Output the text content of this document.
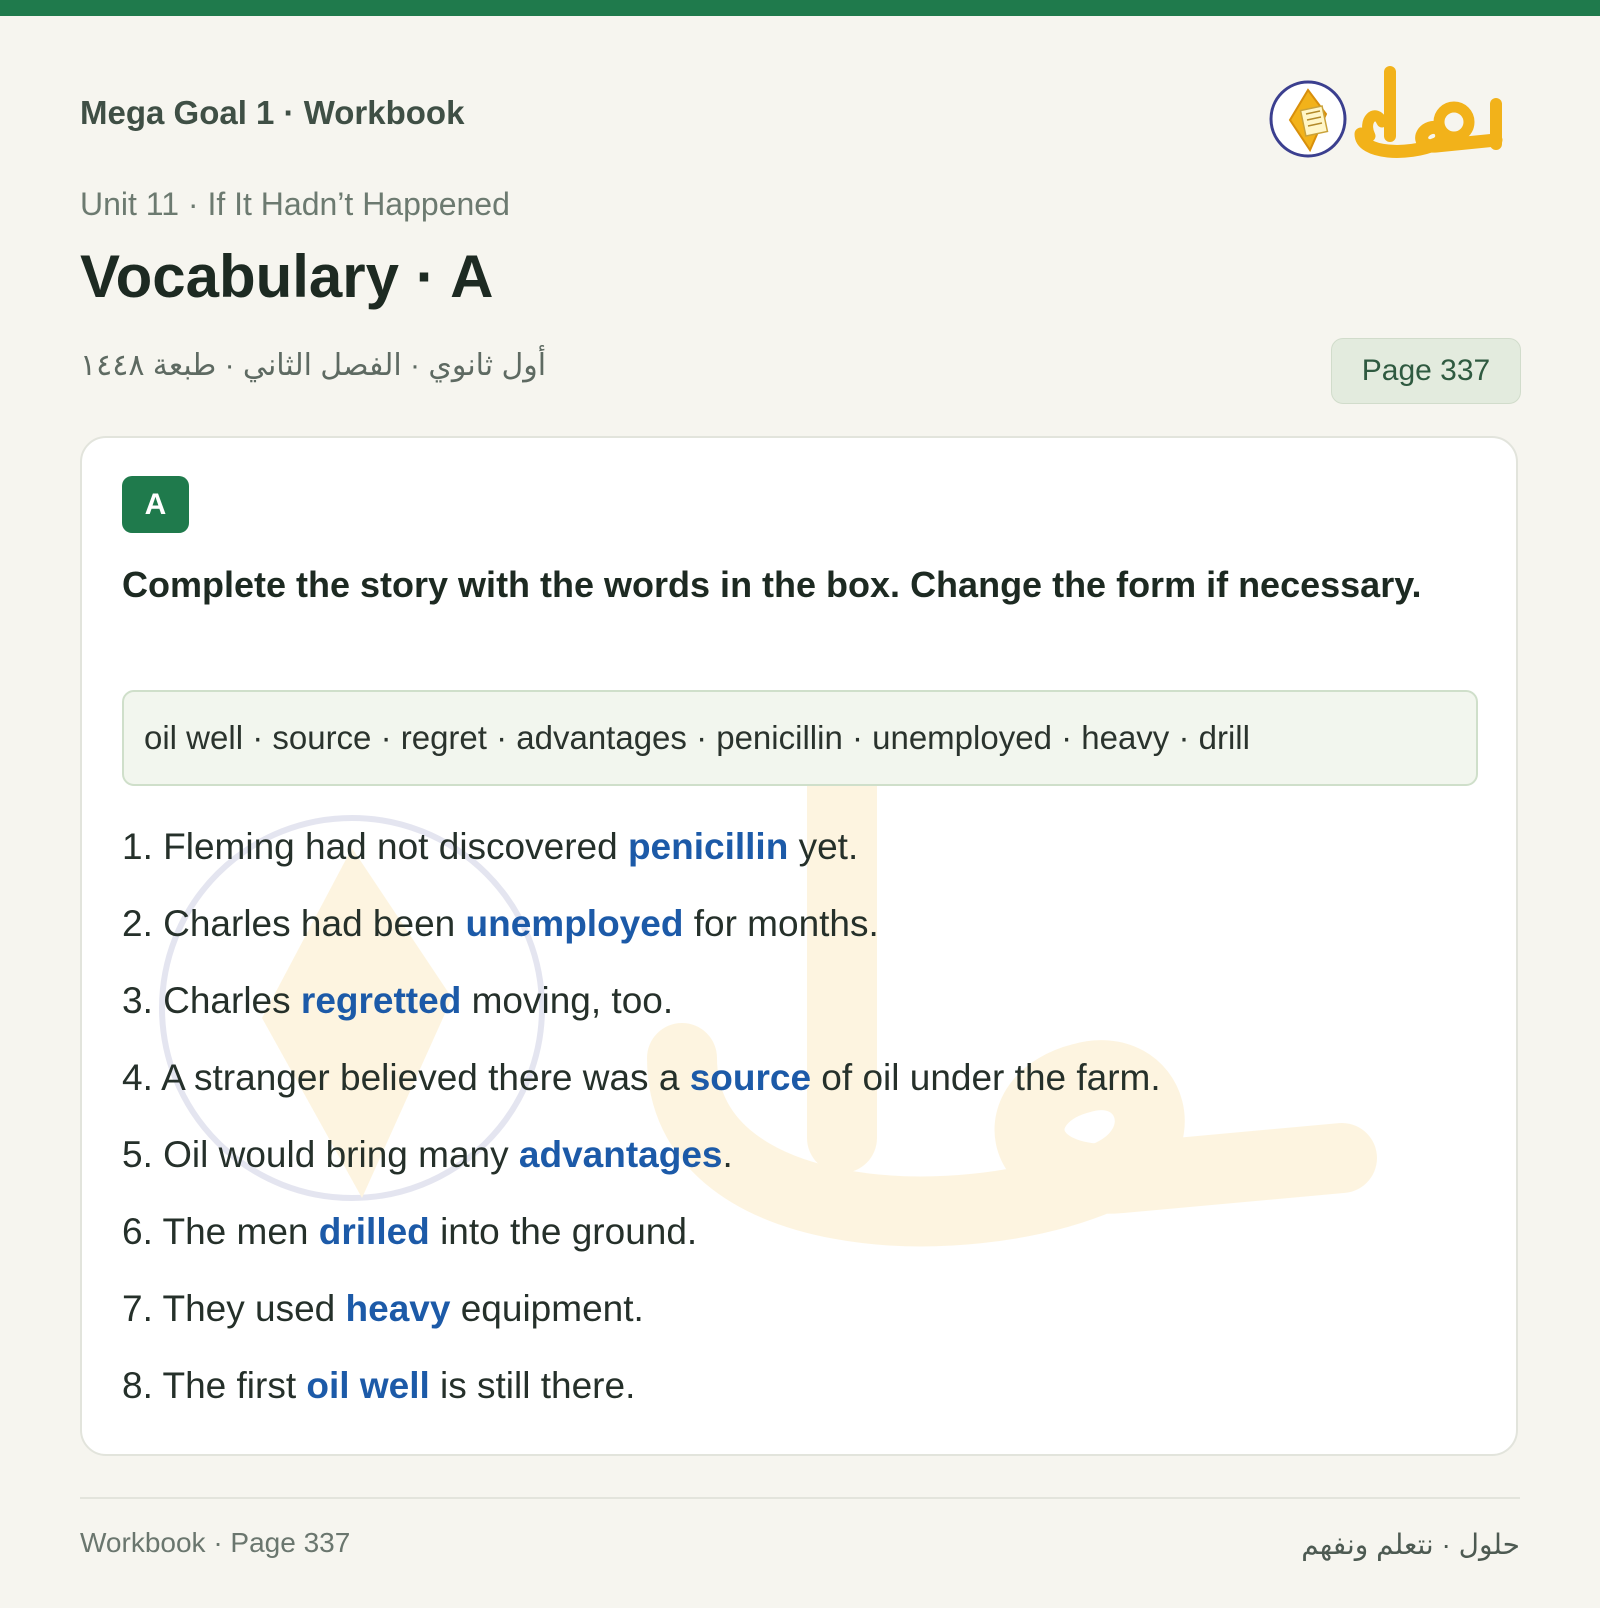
Mega Goal 1 · Workbook
Unit 11 · If It Hadn’t Happened
Vocabulary · A
أول ثانوي · الفصل الثاني · طبعة ١٤٤٨	Page 337
A
Complete the story with the words in the box. Change the form if necessary.
oil well · source · regret · advantages · penicillin · unemployed · heavy · drill
1. Fleming had not discovered penicillin yet.
2. Charles had been unemployed for months.
3. Charles regretted moving, too.
4. A stranger believed there was a source of oil under the farm.
5. Oil would bring many advantages.
6. The men drilled into the ground.
7. They used heavy equipment.
8. The first oil well is still there.
Workbook · Page 337	حلول · نتعلم ونفهم
